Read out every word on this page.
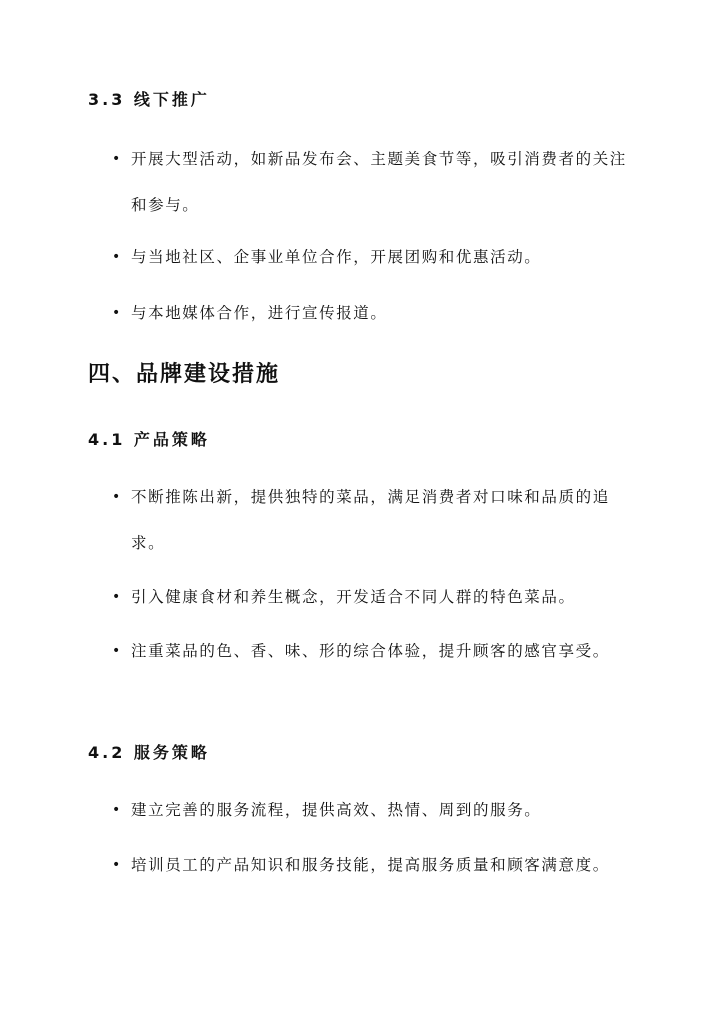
3.3 线下推广
• 开展大型活动，如新品发布会、主题美食节等，吸引消费者的关注和参与。
• 与当地社区、企事业单位合作，开展团购和优惠活动。
• 与本地媒体合作，进行宣传报道。
四、品牌建设措施
4.1 产品策略
• 不断推陈出新，提供独特的菜品，满足消费者对口味和品质的追求。
• 引入健康食材和养生概念，开发适合不同人群的特色菜品。
• 注重菜品的色、香、味、形的综合体验，提升顾客的感官享受。
4.2 服务策略
• 建立完善的服务流程，提供高效、热情、周到的服务。
• 培训员工的产品知识和服务技能，提高服务质量和顾客满意度。
